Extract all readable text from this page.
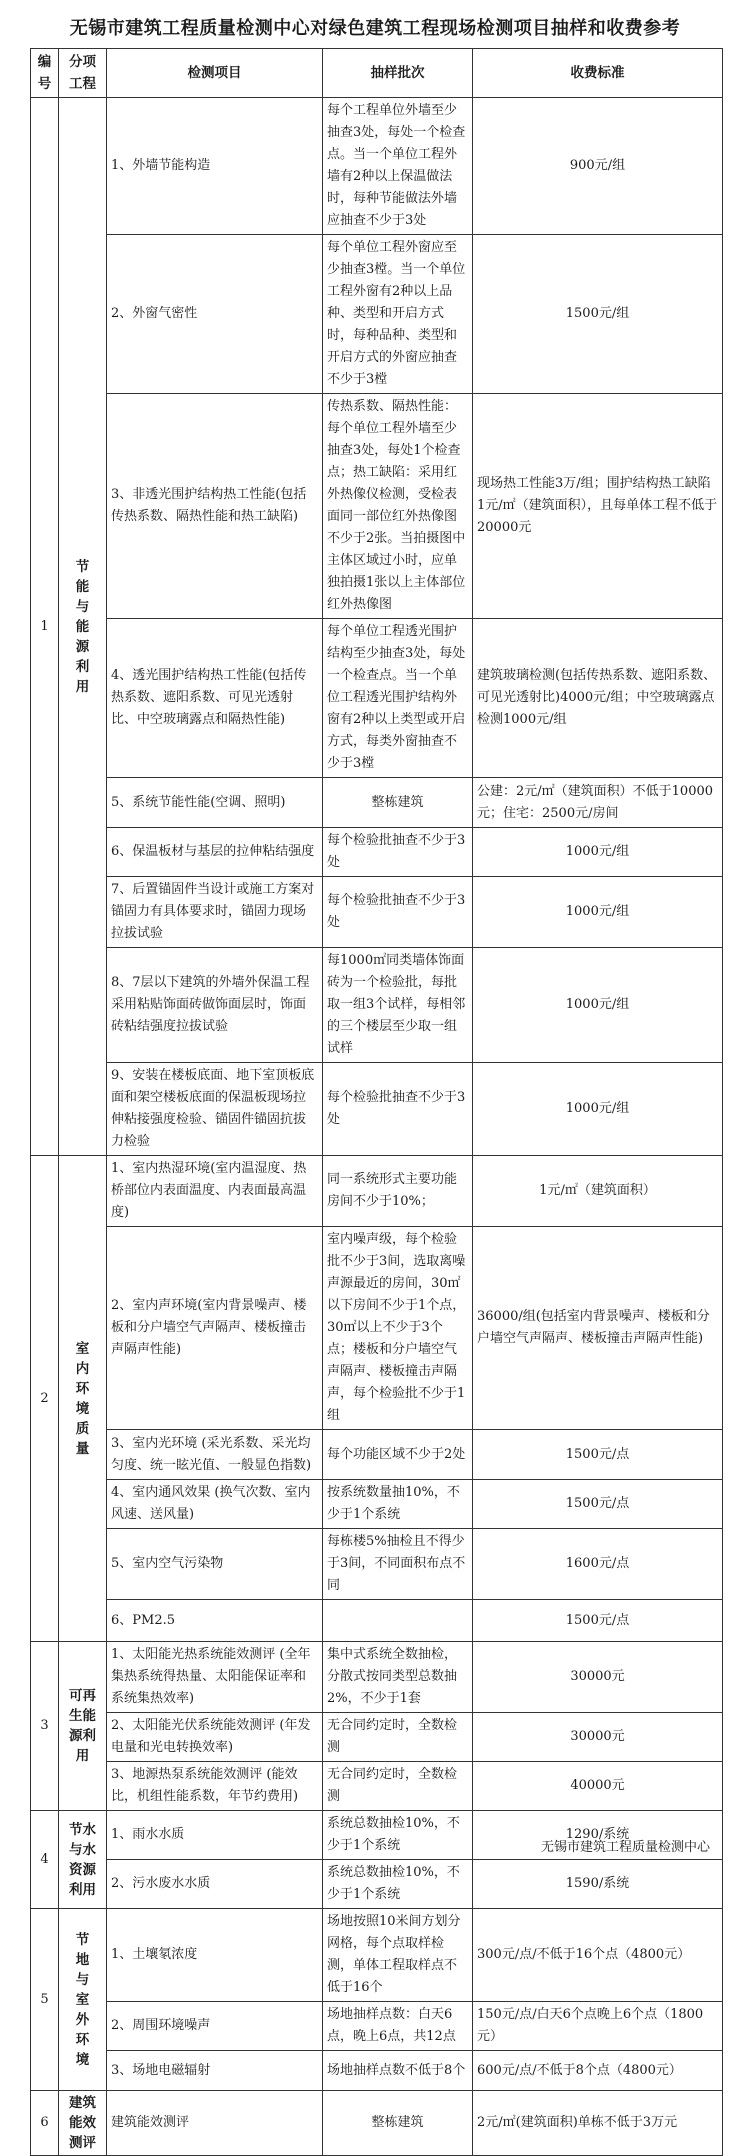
无锡市建筑工程质量检测中心对绿色建筑工程现场检测项目抽样和收费参考
编号	分项工程	检测项目	抽样批次	收费标准
1	节能与能源利用	1、外墙节能构造	每个工程单位外墙至少抽查3处，每处一个检查点。当一个单位工程外墙有2种以上保温做法时，每种节能做法外墙应抽查不少于3处	900元/组
		2、外窗气密性	每个单位工程外窗应至少抽查3樘。当一个单位工程外窗有2种以上品种、类型和开启方式时，每种品种、类型和开启方式的外窗应抽查不少于3樘	1500元/组
		3、非透光围护结构热工性能(包括传热系数、隔热性能和热工缺陷)	传热系数、隔热性能：每个单位工程外墙至少抽查3处，每处1个检查点；热工缺陷：采用红外热像仪检测，受检表面同一部位红外热像图不少于2张。当拍摄图中主体区域过小时，应单独拍摄1张以上主体部位红外热像图	现场热工性能3万/组；围护结构热工缺陷1元/㎡（建筑面积），且每单体工程不低于20000元
		4、透光围护结构热工性能(包括传热系数、遮阳系数、可见光透射比、中空玻璃露点和隔热性能)	每个单位工程透光围护结构至少抽查3处，每处一个检查点。当一个单位工程透光围护结构外窗有2种以上类型或开启方式，每类外窗抽查不少于3樘	建筑玻璃检测(包括传热系数、遮阳系数、可见光透射比)4000元/组；中空玻璃露点检测1000元/组
		5、系统节能性能(空调、照明)	整栋建筑	公建：2元/㎡（建筑面积）不低于10000元；住宅：2500元/房间
		6、保温板材与基层的拉伸粘结强度	每个检验批抽查不少于3处	1000元/组
		7、后置锚固件当设计或施工方案对锚固力有具体要求时，锚固力现场拉拔试验	每个检验批抽查不少于3处	1000元/组
		8、7层以下建筑的外墙外保温工程采用粘贴饰面砖做饰面层时，饰面砖粘结强度拉拔试验	每1000㎡同类墙体饰面砖为一个检验批，每批取一组3个试样，每相邻的三个楼层至少取一组试样	1000元/组
		9、安装在楼板底面、地下室顶板底面和架空楼板底面的保温板现场拉伸粘接强度检验、锚固件锚固抗拔力检验	每个检验批抽查不少于3处	1000元/组
2	室内环境质量	1、室内热湿环境(室内温湿度、热桥部位内表面温度、内表面最高温度)	同一系统形式主要功能房间不少于10%；	1元/㎡（建筑面积）
		2、室内声环境(室内背景噪声、楼板和分户墙空气声隔声、楼板撞击声隔声性能)	室内噪声级，每个检验批不少于3间，选取离噪声源最近的房间，30㎡以下房间不少于1个点，30㎡以上不少于3个点；楼板和分户墙空气声隔声、楼板撞击声隔声，每个检验批不少于1组	36000/组(包括室内背景噪声、楼板和分户墙空气声隔声、楼板撞击声隔声性能)
		3、室内光环境 (采光系数、采光均匀度、统一眩光值、一般显色指数)	每个功能区域不少于2处	1500元/点
		4、室内通风效果 (换气次数、室内风速、送风量)	按系统数量抽10%，不少于1个系统	1500元/点
		5、室内空气污染物	每栋楼5%抽检且不得少于3间，不同面积布点不同	1600元/点
		6、PM2.5		1500元/点
3	可再生能源利用	1、太阳能光热系统能效测评 (全年集热系统得热量、太阳能保证率和系统集热效率)	集中式系统全数抽检，分散式按同类型总数抽2%，不少于1套	30000元
		2、太阳能光伏系统能效测评 (年发电量和光电转换效率)	无合同约定时，全数检测	30000元
		3、地源热泵系统能效测评 (能效比，机组性能系数，年节约费用)	无合同约定时，全数检测	40000元
4	节水与水资源利用	1、雨水水质	系统总数抽检10%，不少于1个系统	1290/系统
		2、污水废水水质	系统总数抽检10%，不少于1个系统	1590/系统
5	节地与室外环境	1、土壤氡浓度	场地按照10米间方划分网格，每个点取样检测，单体工程取样点不低于16个	300元/点/不低于16个点（4800元）
		2、周围环境噪声	场地抽样点数：白天6点，晚上6点，共12点	150元/点/白天6个点晚上6个点（1800元）
		3、场地电磁辐射	场地抽样点数不低于8个	600元/点/不低于8个点（4800元）
6	建筑能效测评	建筑能效测评	整栋建筑	2元/㎡(建筑面积)单栋不低于3万元
无锡市建筑工程质量检测中心
